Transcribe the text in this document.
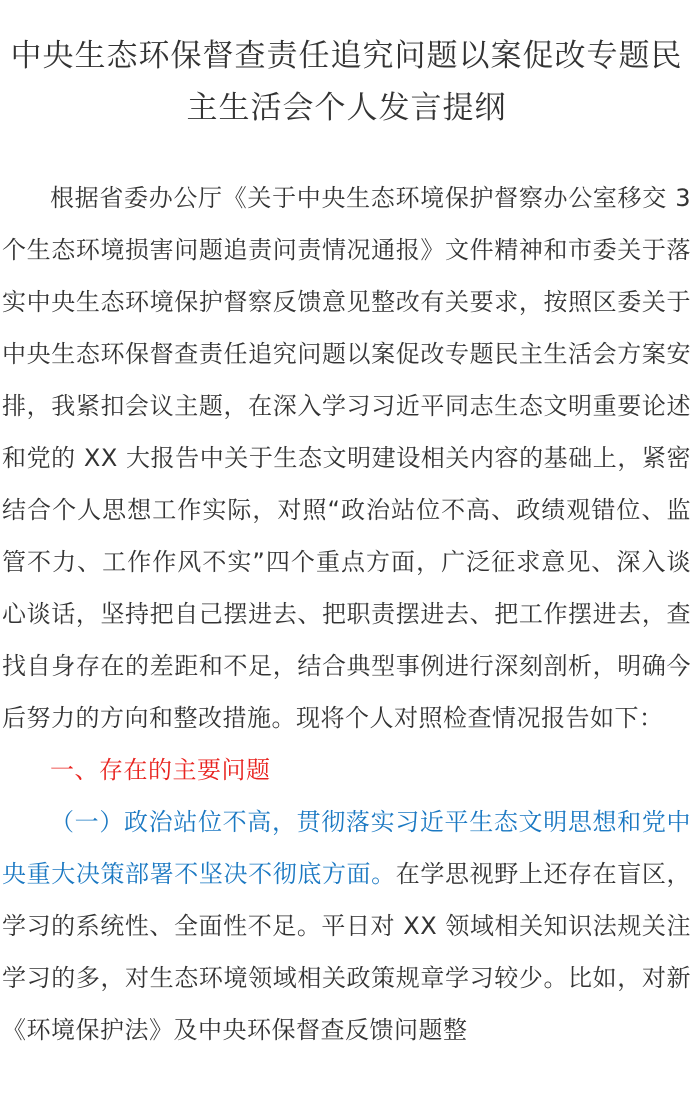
中央生态环保督查责任追究问题以案促改专题民主生活会个人发言提纲

根据省委办公厅《关于中央生态环境保护督察办公室移交 3 个生态环境损害问题追责问责情况通报》文件精神和市委关于落实中央生态环境保护督察反馈意见整改有关要求，按照区委关于中央生态环保督查责任追究问题以案促改专题民主生活会方案安排，我紧扣会议主题，在深入学习习近平同志生态文明重要论述和党的 XX 大报告中关于生态文明建设相关内容的基础上，紧密结合个人思想工作实际，对照“政治站位不高、政绩观错位、监管不力、工作作风不实”四个重点方面，广泛征求意见、深入谈心谈话，坚持把自己摆进去、把职责摆进去、把工作摆进去，查找自身存在的差距和不足，结合典型事例进行深刻剖析，明确今后努力的方向和整改措施。现将个人对照检查情况报告如下：

一、存在的主要问题

（一）政治站位不高，贯彻落实习近平生态文明思想和党中央重大决策部署不坚决不彻底方面。在学思视野上还存在盲区，学习的系统性、全面性不足。平日对 XX 领域相关知识法规关注学习的多，对生态环境领域相关政策规章学习较少。比如，对新《环境保护法》及中央环保督查反馈问题整
